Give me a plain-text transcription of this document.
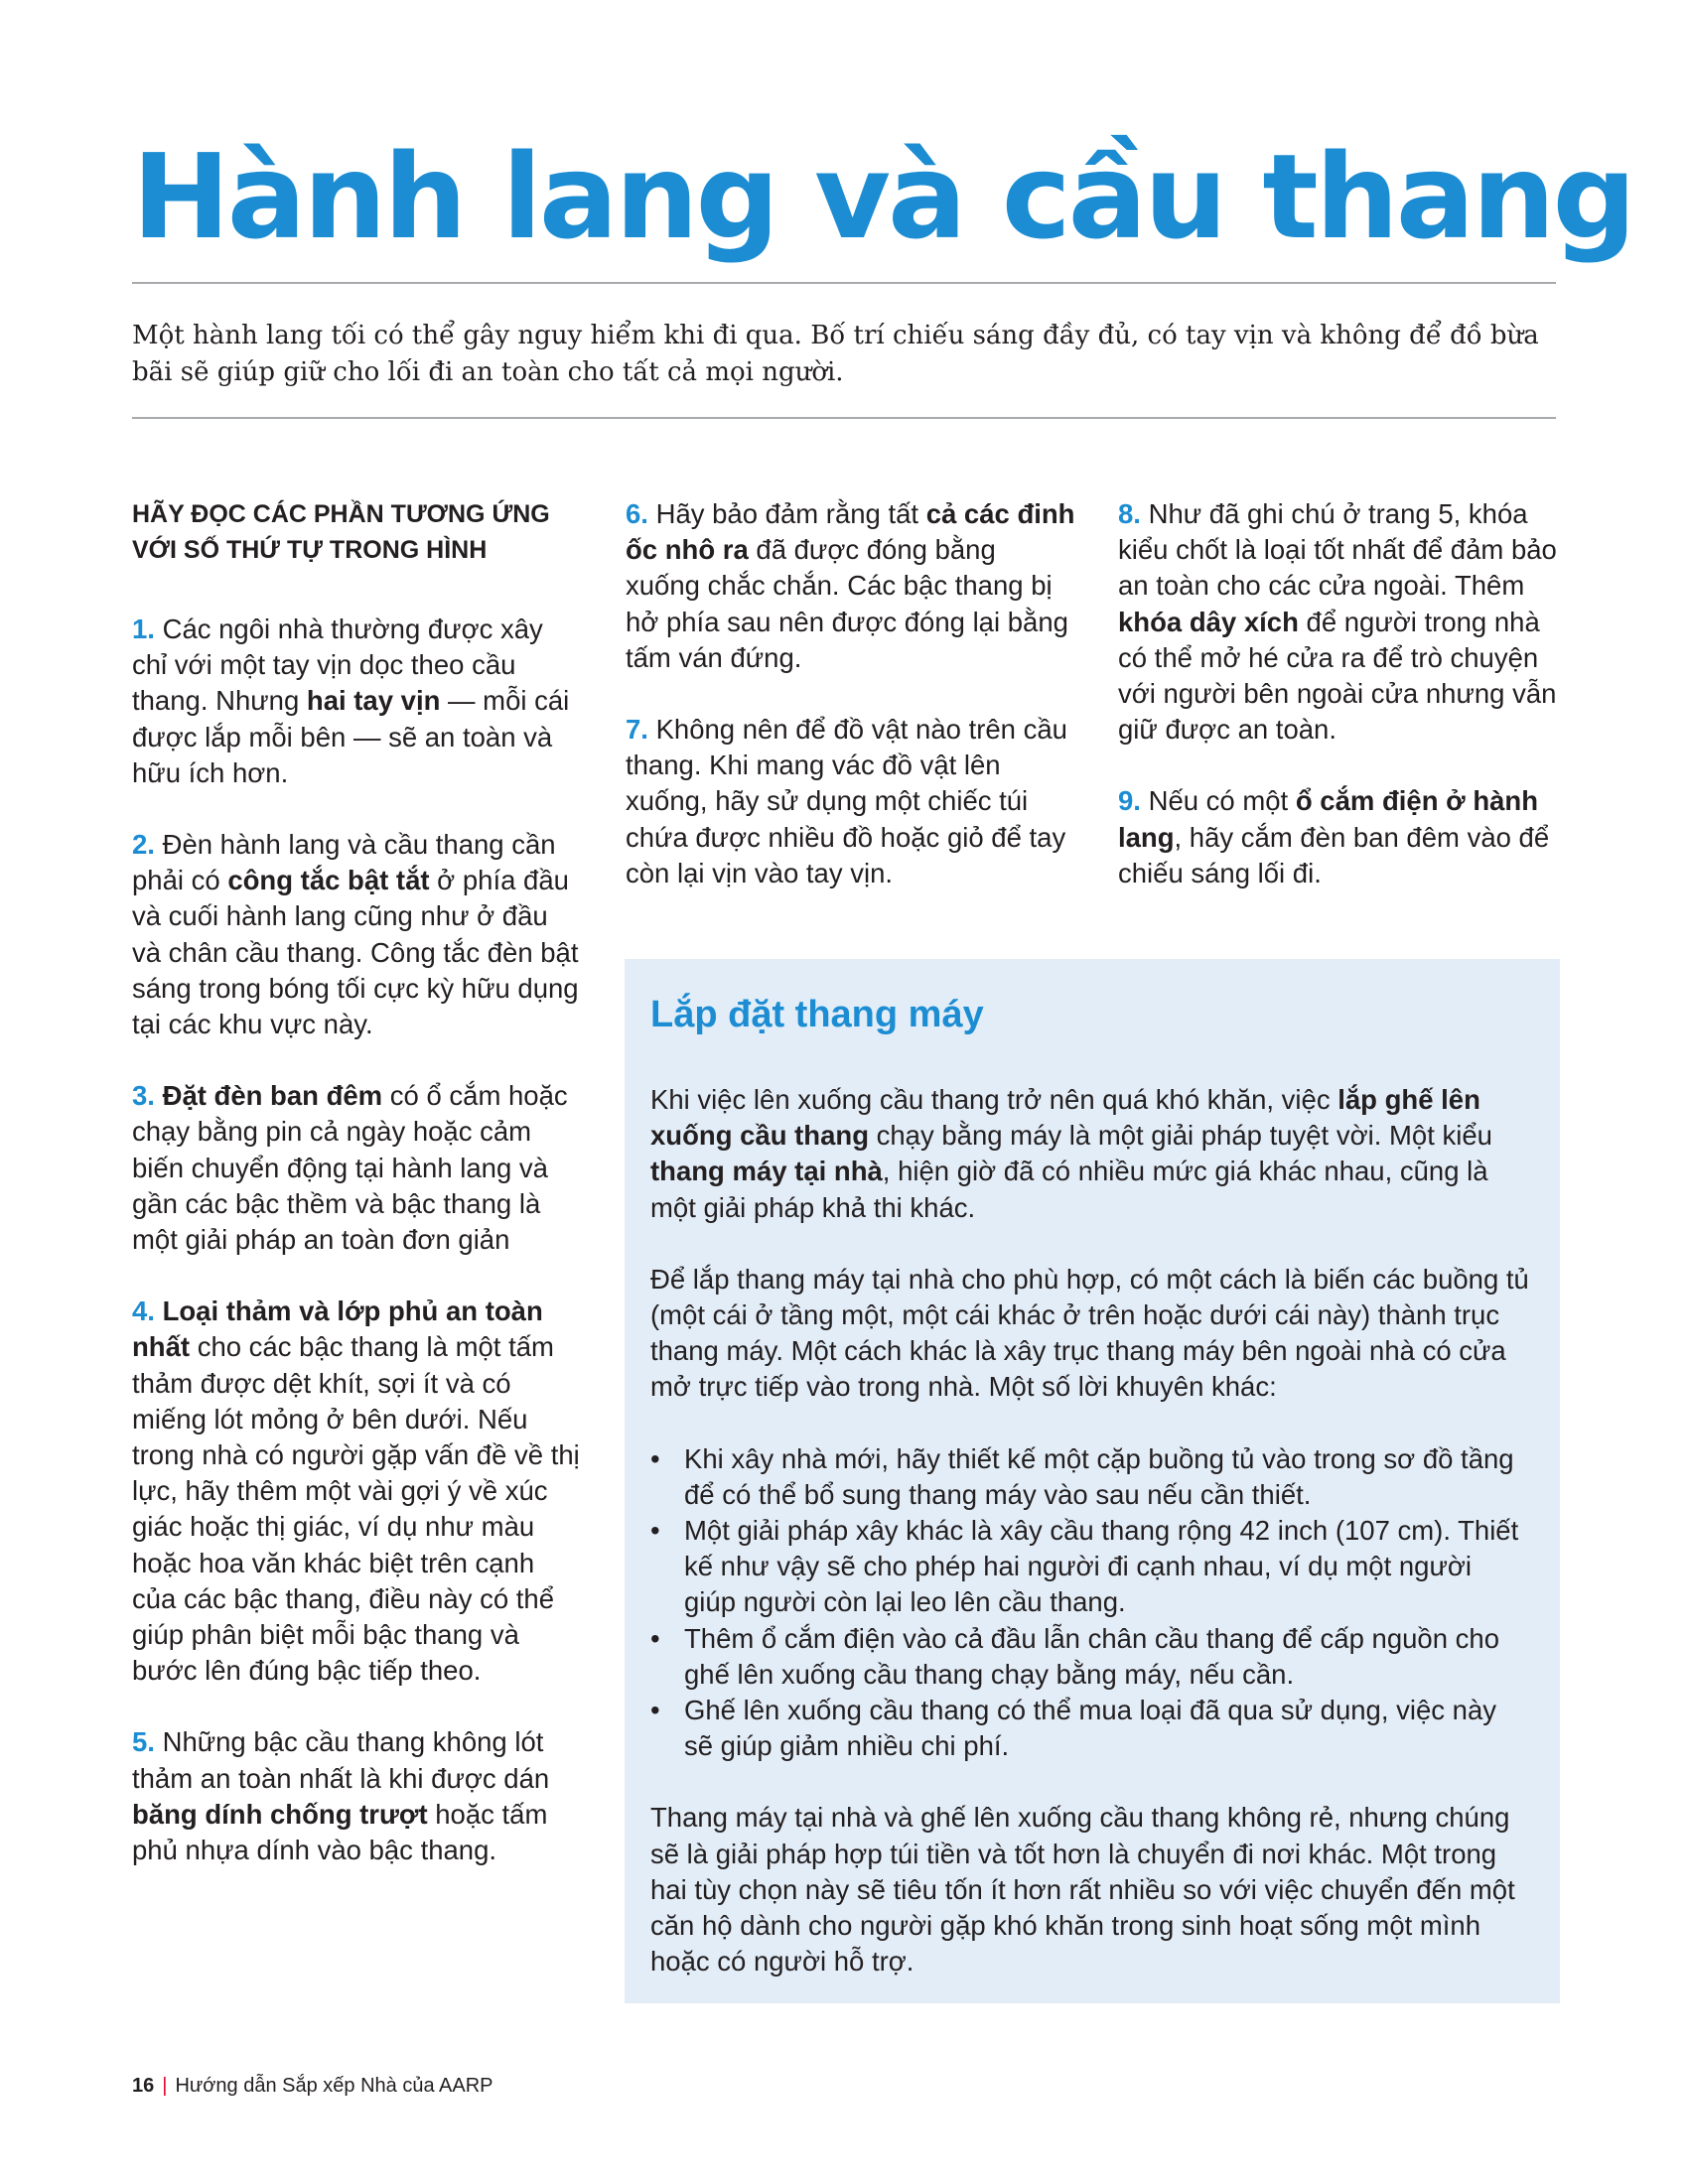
Hành lang và cầu thang

Một hành lang tối có thể gây nguy hiểm khi đi qua. Bố trí chiếu sáng đầy đủ, có tay vịn và không để đồ bừa bãi sẽ giúp giữ cho lối đi an toàn cho tất cả mọi người.

HÃY ĐỌC CÁC PHẦN TƯƠNG ỨNG VỚI SỐ THỨ TỰ TRONG HÌNH

1. Các ngôi nhà thường được xây chỉ với một tay vịn dọc theo cầu thang. Nhưng hai tay vịn — mỗi cái được lắp mỗi bên — sẽ an toàn và hữu ích hơn.

2. Đèn hành lang và cầu thang cần phải có công tắc bật tắt ở phía đầu và cuối hành lang cũng như ở đầu và chân cầu thang. Công tắc đèn bật sáng trong bóng tối cực kỳ hữu dụng tại các khu vực này.

3. Đặt đèn ban đêm có ổ cắm hoặc chạy bằng pin cả ngày hoặc cảm biến chuyển động tại hành lang và gần các bậc thềm và bậc thang là một giải pháp an toàn đơn giản

4. Loại thảm và lớp phủ an toàn nhất cho các bậc thang là một tấm thảm được dệt khít, sợi ít và có miếng lót mỏng ở bên dưới. Nếu trong nhà có người gặp vấn đề về thị lực, hãy thêm một vài gợi ý về xúc giác hoặc thị giác, ví dụ như màu hoặc hoa văn khác biệt trên cạnh của các bậc thang, điều này có thể giúp phân biệt mỗi bậc thang và bước lên đúng bậc tiếp theo.

5. Những bậc cầu thang không lót thảm an toàn nhất là khi được dán băng dính chống trượt hoặc tấm phủ nhựa dính vào bậc thang.

6. Hãy bảo đảm rằng tất cả các đinh ốc nhô ra đã được đóng bằng xuống chắc chắn. Các bậc thang bị hở phía sau nên được đóng lại bằng tấm ván đứng.

7. Không nên để đồ vật nào trên cầu thang. Khi mang vác đồ vật lên xuống, hãy sử dụng một chiếc túi chứa được nhiều đồ hoặc giỏ để tay còn lại vịn vào tay vịn.

8. Như đã ghi chú ở trang 5, khóa kiểu chốt là loại tốt nhất để đảm bảo an toàn cho các cửa ngoài. Thêm khóa dây xích để người trong nhà có thể mở hé cửa ra để trò chuyện với người bên ngoài cửa nhưng vẫn giữ được an toàn.

9. Nếu có một ổ cắm điện ở hành lang, hãy cắm đèn ban đêm vào để chiếu sáng lối đi.

Lắp đặt thang máy

Khi việc lên xuống cầu thang trở nên quá khó khăn, việc lắp ghế lên xuống cầu thang chạy bằng máy là một giải pháp tuyệt vời. Một kiểu thang máy tại nhà, hiện giờ đã có nhiều mức giá khác nhau, cũng là một giải pháp khả thi khác.

Để lắp thang máy tại nhà cho phù hợp, có một cách là biến các buồng tủ (một cái ở tầng một, một cái khác ở trên hoặc dưới cái này) thành trục thang máy. Một cách khác là xây trục thang máy bên ngoài nhà có cửa mở trực tiếp vào trong nhà. Một số lời khuyên khác:

• Khi xây nhà mới, hãy thiết kế một cặp buồng tủ vào trong sơ đồ tầng để có thể bổ sung thang máy vào sau nếu cần thiết.
• Một giải pháp xây khác là xây cầu thang rộng 42 inch (107 cm). Thiết kế như vậy sẽ cho phép hai người đi cạnh nhau, ví dụ một người giúp người còn lại leo lên cầu thang.
• Thêm ổ cắm điện vào cả đầu lẫn chân cầu thang để cấp nguồn cho ghế lên xuống cầu thang chạy bằng máy, nếu cần.
• Ghế lên xuống cầu thang có thể mua loại đã qua sử dụng, việc này sẽ giúp giảm nhiều chi phí.

Thang máy tại nhà và ghế lên xuống cầu thang không rẻ, nhưng chúng sẽ là giải pháp hợp túi tiền và tốt hơn là chuyển đi nơi khác. Một trong hai tùy chọn này sẽ tiêu tốn ít hơn rất nhiều so với việc chuyển đến một căn hộ dành cho người gặp khó khăn trong sinh hoạt sống một mình hoặc có người hỗ trợ.

16 | Hướng dẫn Sắp xếp Nhà của AARP
